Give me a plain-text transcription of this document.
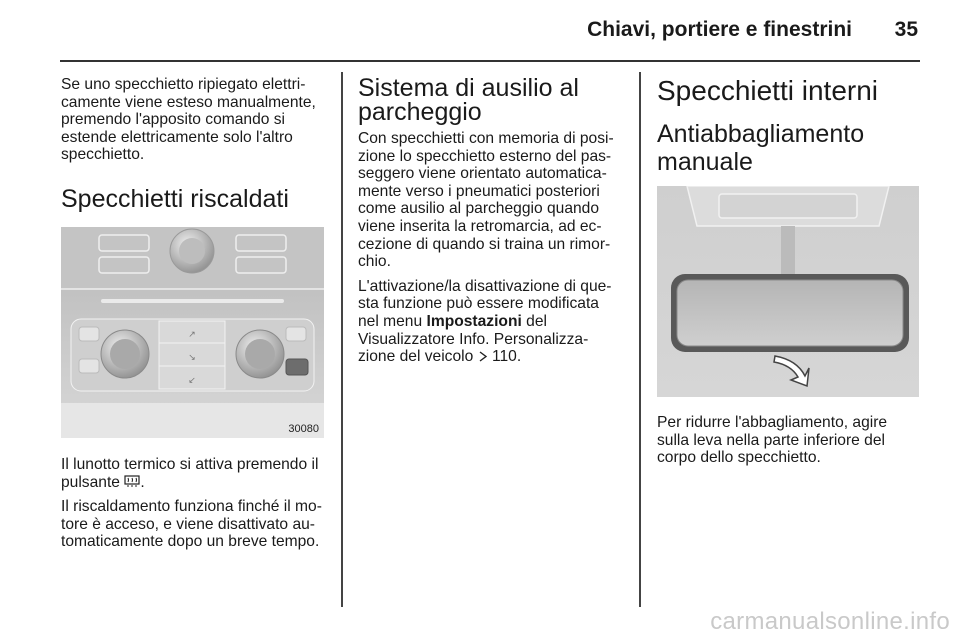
Chiavi, portiere e finestrini 35

Se uno specchietto ripiegato elettri-camente viene esteso manualmente, premendo l'apposito comando si estende elettricamente solo l'altro specchietto.

Specchietti riscaldati
↗
↘
↙
30080

Il lunotto termico si attiva premendo il pulsante .

Il riscaldamento funziona finché il mo-tore è acceso, e viene disattivato au-tomaticamente dopo un breve tempo.

Sistema di ausilio al parcheggio

Con specchietti con memoria di posi-zione lo specchietto esterno del pas-seggero viene orientato automatica-mente verso i pneumatici posteriori come ausilio al parcheggio quando viene inserita la retromarcia, ad ec-cezione di quando si traina un rimor-chio.

L'attivazione/la disattivazione di que-sta funzione può essere modificata nel menu Impostazioni del Visualizzatore Info. Personalizza-zione del veicolo 110.

Specchietti interni
Antiabbagliamento manuale

Per ridurre l'abbagliamento, agire sulla leva nella parte inferiore del corpo dello specchietto.

carmanualsonline.info
